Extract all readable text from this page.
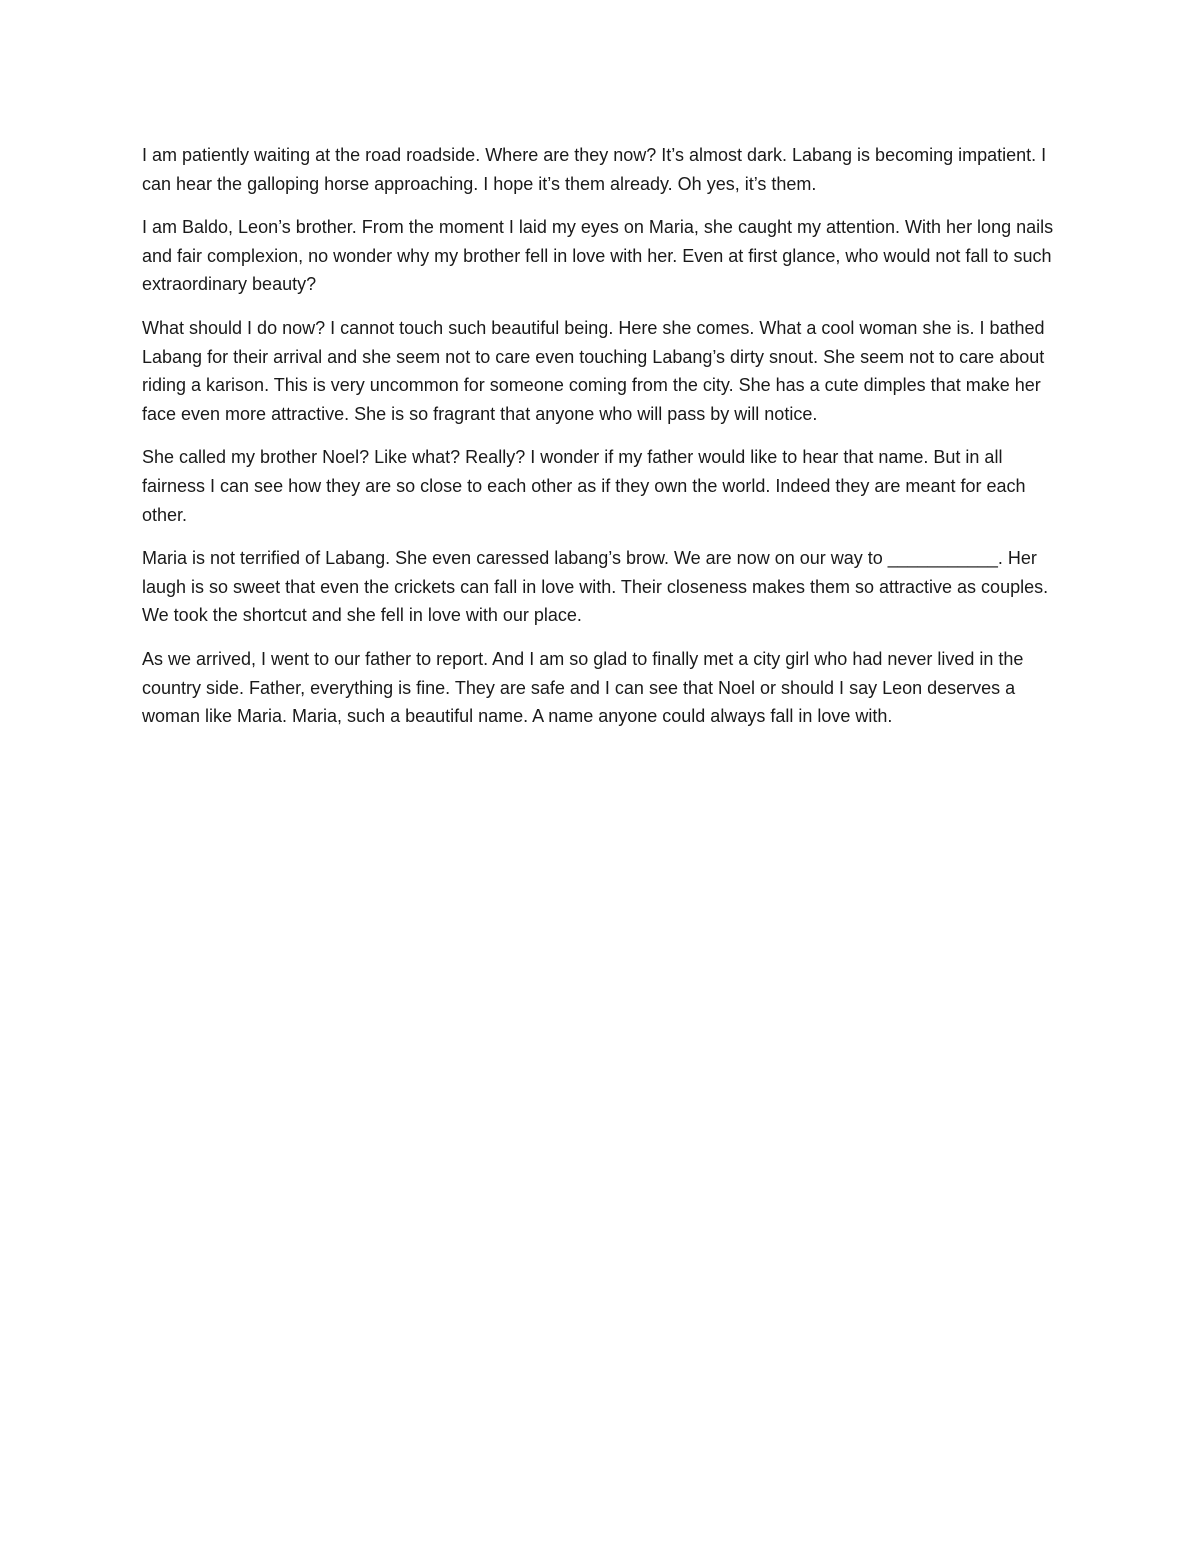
I am patiently waiting at the road roadside. Where are they now? It’s almost dark. Labang is becoming impatient. I can hear the galloping horse approaching. I hope it’s them already. Oh yes, it’s them.

I am Baldo, Leon’s brother. From the moment I laid my eyes on Maria, she caught my attention. With her long nails and fair complexion, no wonder why my brother fell in love with her. Even at first glance, who would not fall to such extraordinary beauty?

What should I do now? I cannot touch such beautiful being. Here she comes. What a cool woman she is. I bathed Labang for their arrival and she seem not to care even touching Labang’s dirty snout. She seem not to care about riding a karison. This is very uncommon for someone coming from the city. She has a cute dimples that make her face even more attractive. She is so fragrant that anyone who will pass by will notice.

She called my brother Noel? Like what? Really? I wonder if my father would like to hear that name. But in all fairness I can see how they are so close to each other as if they own the world. Indeed they are meant for each other.

Maria is not terrified of Labang. She even caressed labang’s brow. We are now on our way to ___________. Her laugh is so sweet that even the crickets can fall in love with. Their closeness makes them so attractive as couples. We took the shortcut and she fell in love with our place.

As we arrived, I went to our father to report. And I am so glad to finally met a city girl who had never lived in the country side. Father, everything is fine. They are safe and I can see that Noel or should I say Leon deserves a woman like Maria. Maria, such a beautiful name. A name anyone could always fall in love with.
